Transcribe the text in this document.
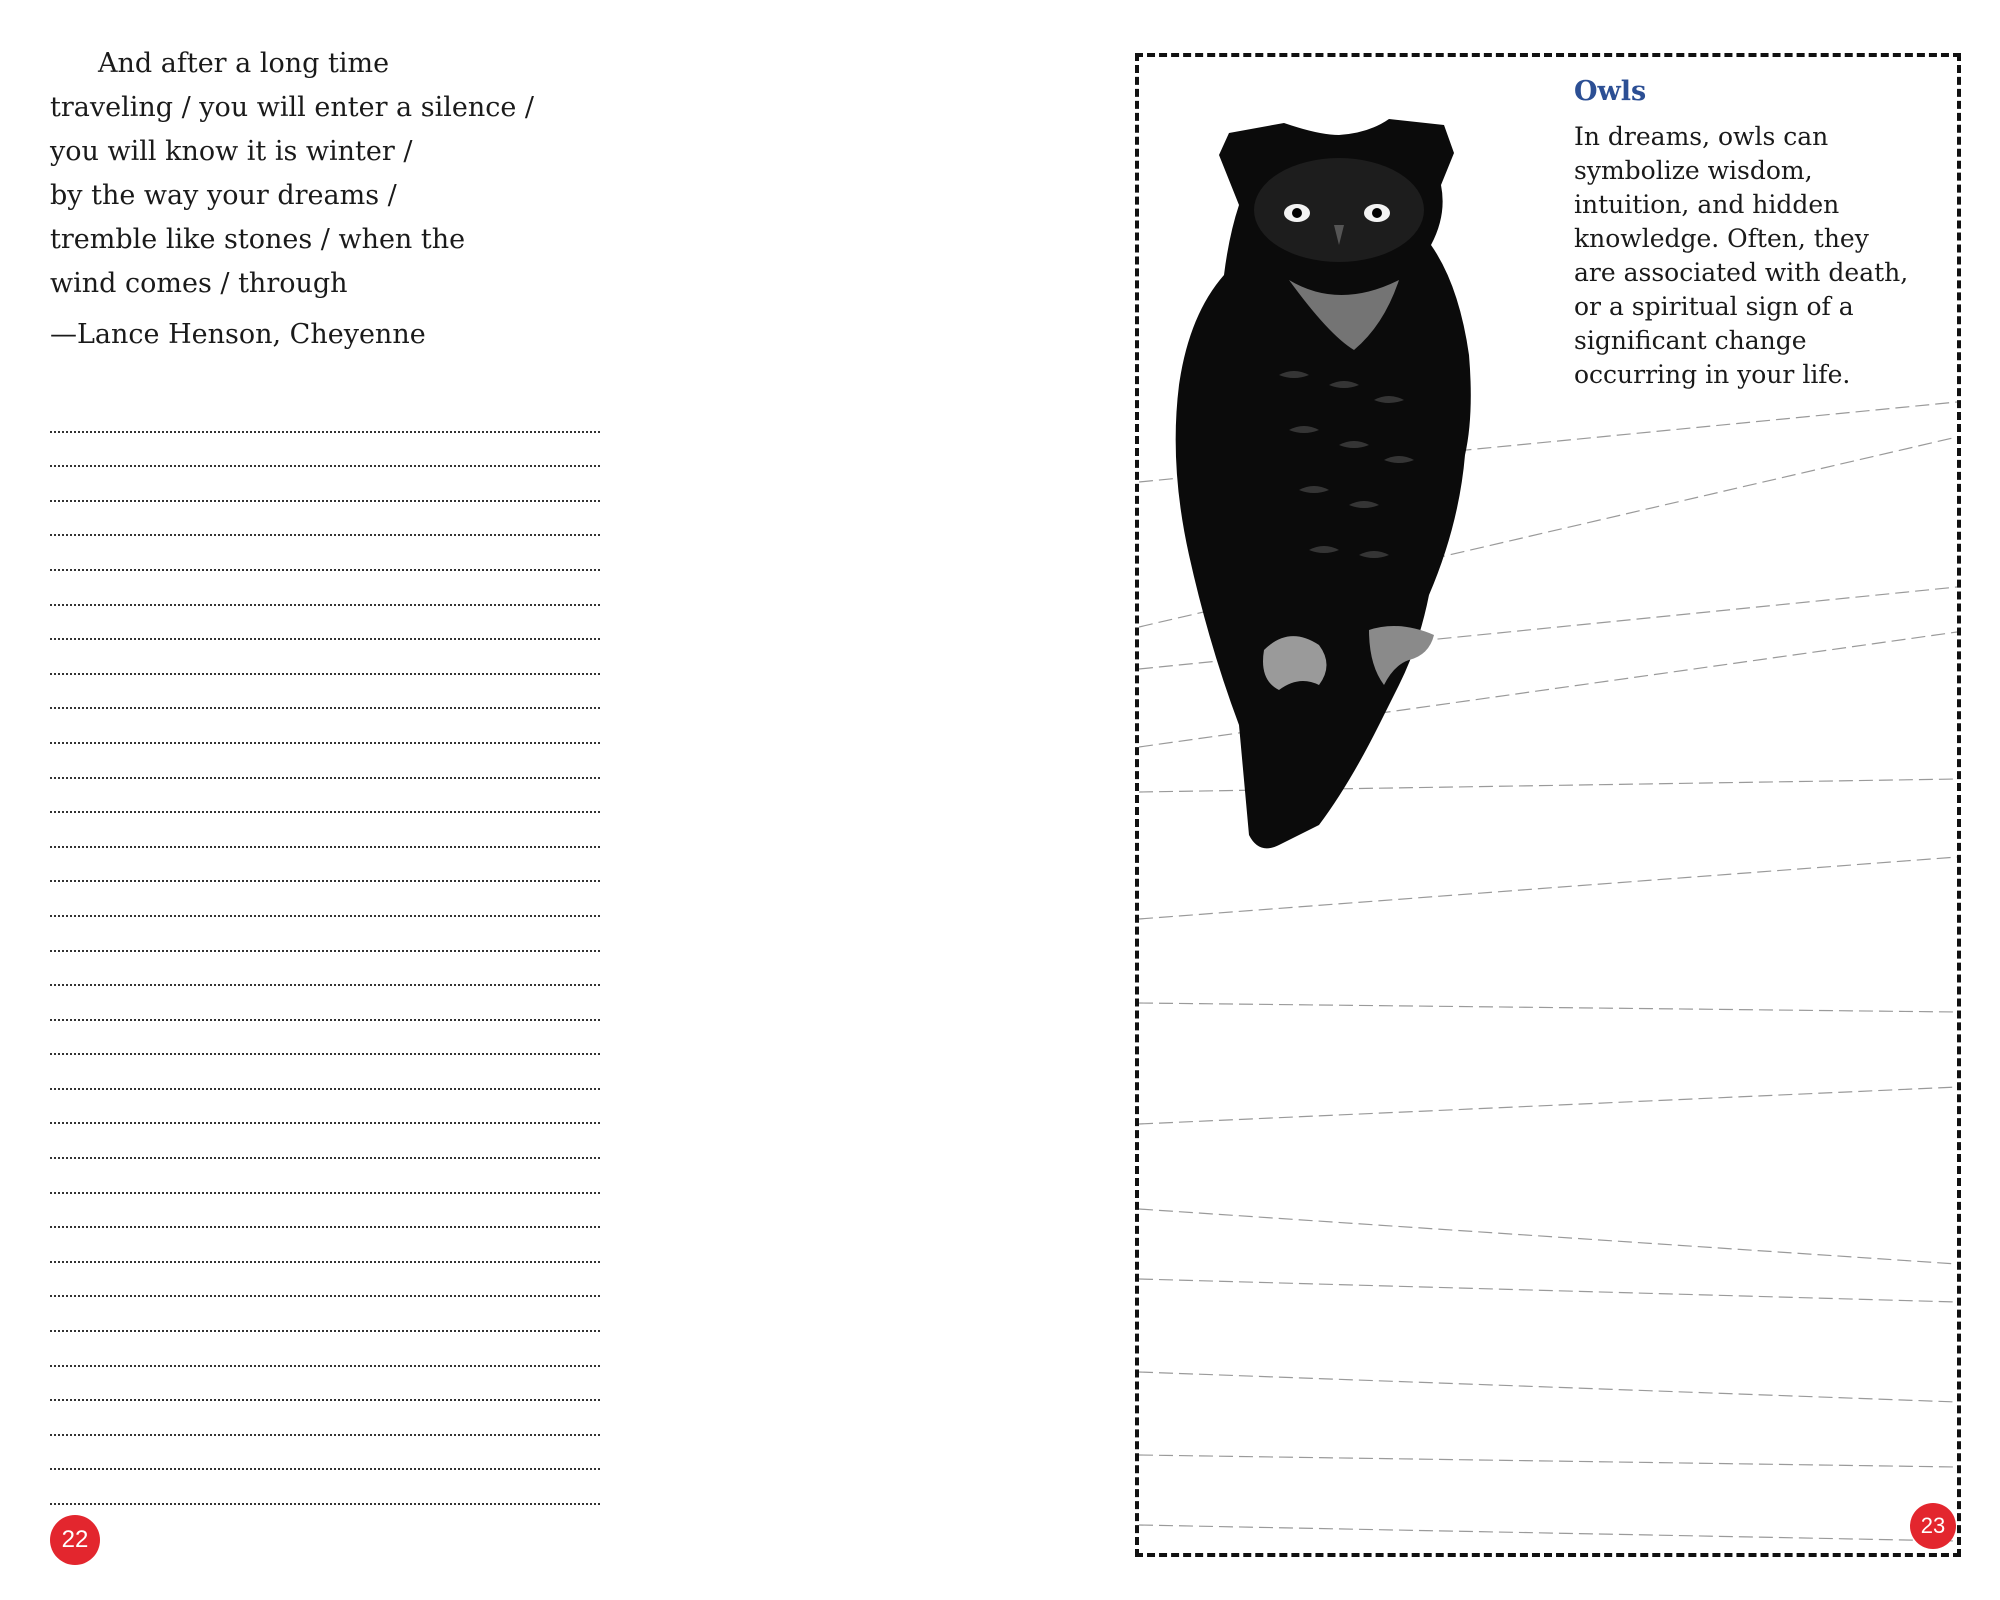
And after a long time
traveling / you will enter a silence /
you will know it is winter /
by the way your dreams /
tremble like stones / when the
wind comes / through
—Lance Henson, Cheyenne
22
Owls

In dreams, owls can symbolize wisdom, intuition, and hidden knowledge. Often, they are associated with death, or a spiritual sign of a significant change occurring in your life.

23
